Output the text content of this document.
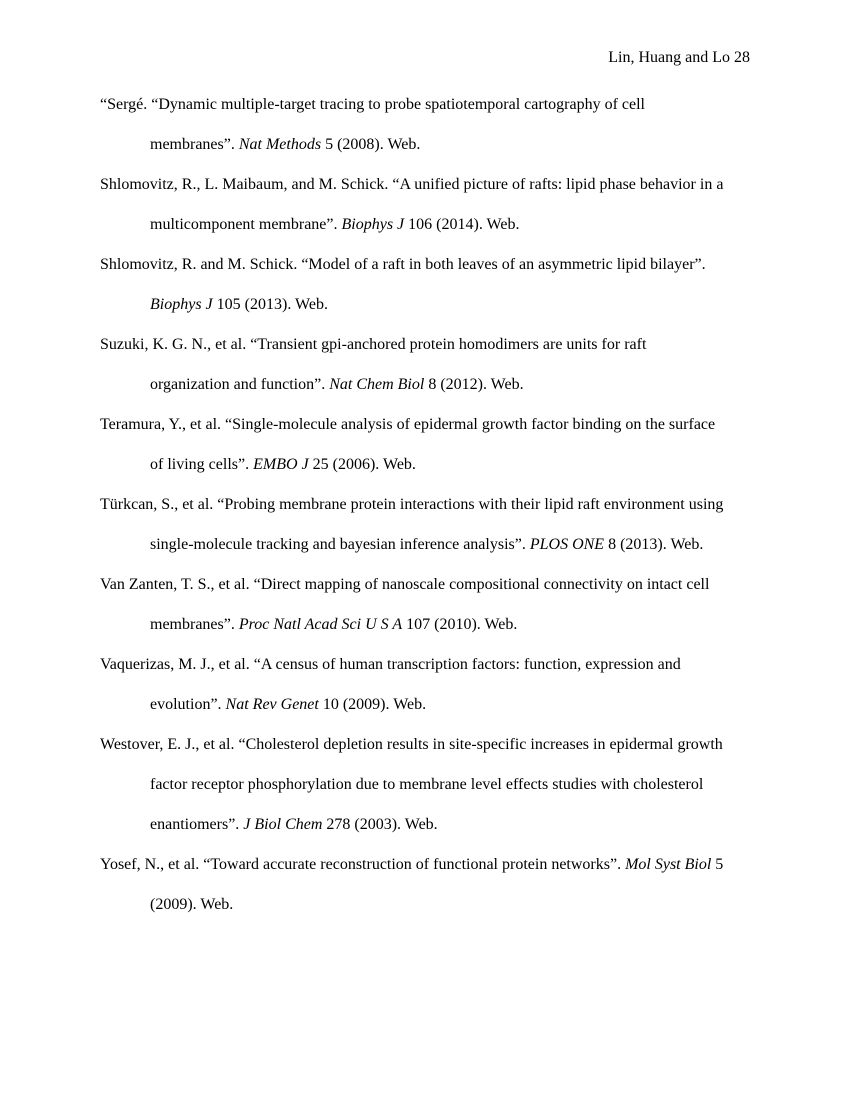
Lin, Huang and Lo 28
“Sergé. “Dynamic multiple-target tracing to probe spatiotemporal cartography of cell
membranes”. Nat Methods 5 (2008). Web.
Shlomovitz, R., L. Maibaum, and M. Schick. “A unified picture of rafts: lipid phase behavior in a
multicomponent membrane”. Biophys J 106 (2014). Web.
Shlomovitz, R. and M. Schick. “Model of a raft in both leaves of an asymmetric lipid bilayer”.
Biophys J 105 (2013). Web.
Suzuki, K. G. N., et al. “Transient gpi-anchored protein homodimers are units for raft
organization and function”. Nat Chem Biol 8 (2012). Web.
Teramura, Y., et al. “Single-molecule analysis of epidermal growth factor binding on the surface
of living cells”. EMBO J 25 (2006). Web.
Türkcan, S., et al. “Probing membrane protein interactions with their lipid raft environment using
single-molecule tracking and bayesian inference analysis”. PLOS ONE 8 (2013). Web.
Van Zanten, T. S., et al. “Direct mapping of nanoscale compositional connectivity on intact cell
membranes”. Proc Natl Acad Sci U S A 107 (2010). Web.
Vaquerizas, M. J., et al. “A census of human transcription factors: function, expression and
evolution”. Nat Rev Genet 10 (2009). Web.
Westover, E. J., et al. “Cholesterol depletion results in site-specific increases in epidermal growth
factor receptor phosphorylation due to membrane level effects studies with cholesterol
enantiomers”. J Biol Chem 278 (2003). Web.
Yosef, N., et al. “Toward accurate reconstruction of functional protein networks”. Mol Syst Biol 5
(2009). Web.
